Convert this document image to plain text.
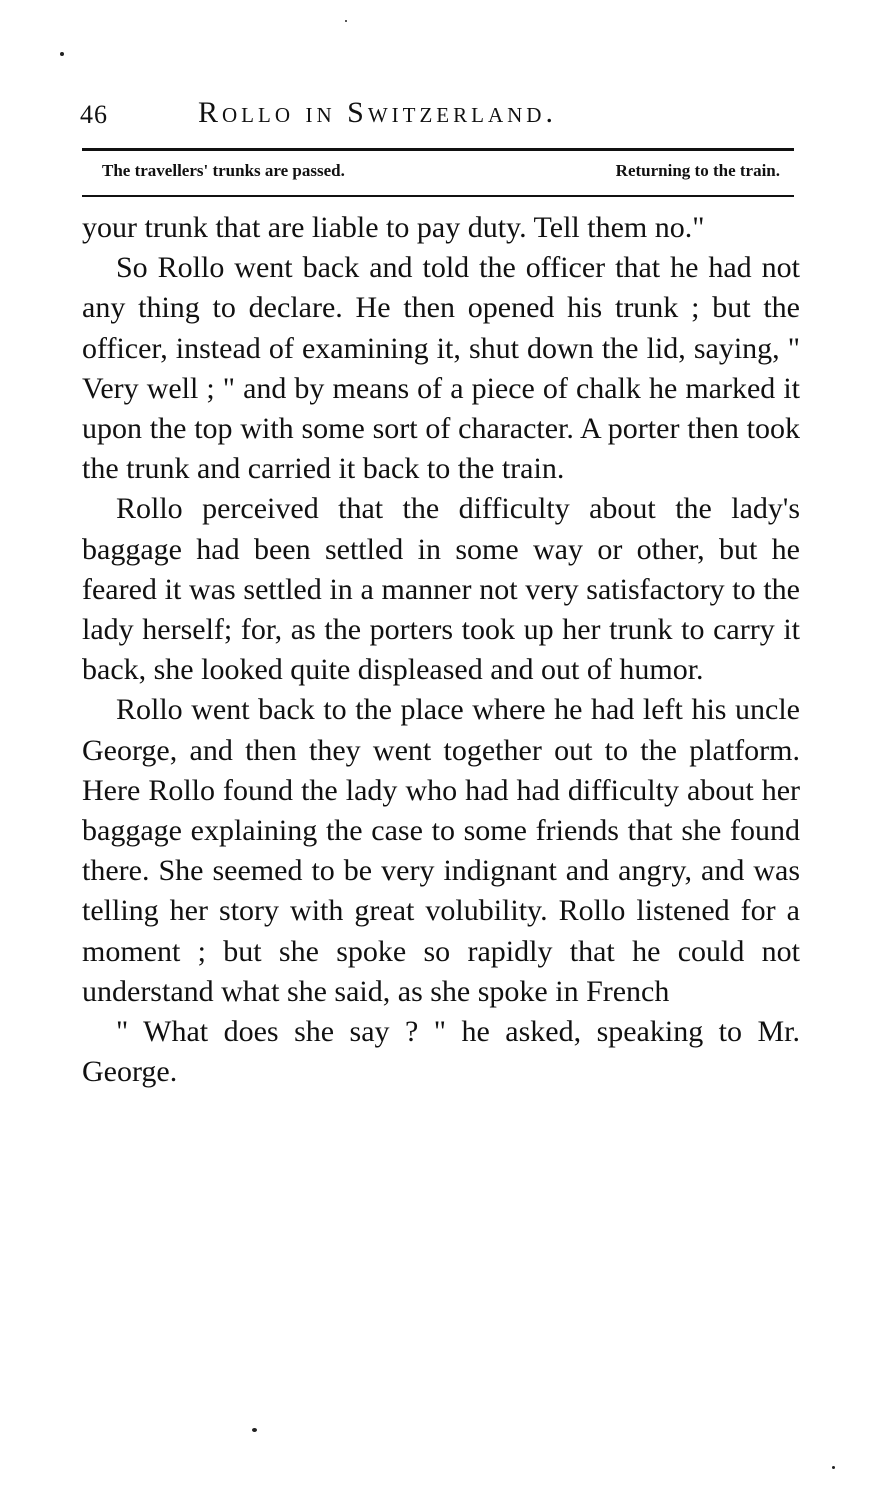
46	Rollo in Switzerland.
The travellers' trunks are passed.	Returning to the train.

your trunk that are liable to pay duty. Tell them no."

So Rollo went back and told the officer that he had not any thing to declare. He then opened his trunk ; but the officer, instead of examining it, shut down the lid, saying, " Very well ; " and by means of a piece of chalk he marked it upon the top with some sort of character. A porter then took the trunk and carried it back to the train.

Rollo perceived that the difficulty about the lady's baggage had been settled in some way or other, but he feared it was settled in a manner not very satisfactory to the lady herself; for, as the porters took up her trunk to carry it back, she looked quite displeased and out of humor.

Rollo went back to the place where he had left his uncle George, and then they went together out to the platform. Here Rollo found the lady who had had difficulty about her baggage explaining the case to some friends that she found there. She seemed to be very indignant and angry, and was telling her story with great volubility. Rollo listened for a moment ; but she spoke so rapidly that he could not understand what she said, as she spoke in French

" What does she say ? " he asked, speaking to Mr. George.
